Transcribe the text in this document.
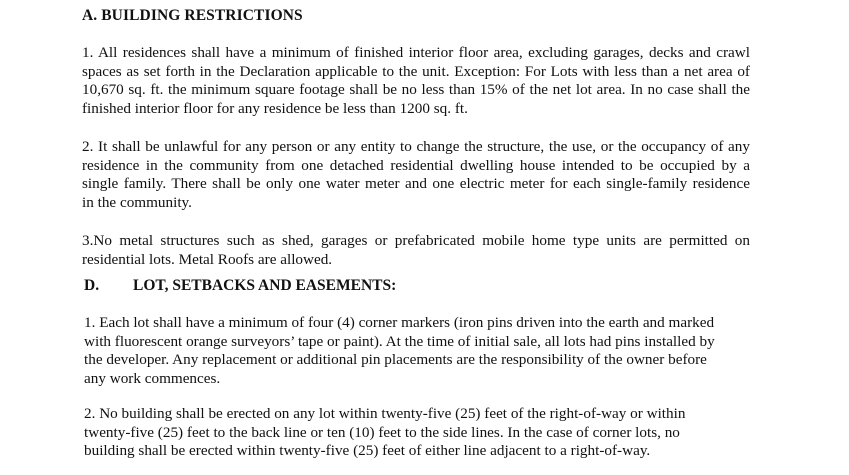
A. BUILDING RESTRICTIONS
1. All residences shall have a minimum of finished interior floor area, excluding garages, decks and crawl
spaces as set forth in the Declaration applicable to the unit. Exception: For Lots with less than a net area of
10,670 sq. ft. the minimum square footage shall be no less than 15% of the net lot area. In no case shall the
finished interior floor for any residence be less than 1200 sq. ft.
2. It shall be unlawful for any person or any entity to change the structure, the use, or the occupancy of any
residence in the community from one detached residential dwelling house intended to be occupied by a
single family. There shall be only one water meter and one electric meter for each single-family residence
in the community.
3.No metal structures such as shed, garages or prefabricated mobile home type units are permitted on
residential lots. Metal Roofs are allowed.
D. LOT, SETBACKS AND EASEMENTS:
1. Each lot shall have a minimum of four (4) corner markers (iron pins driven into the earth and marked
with fluorescent orange surveyors’ tape or paint). At the time of initial sale, all lots had pins installed by
the developer. Any replacement or additional pin placements are the responsibility of the owner before
any work commences.
2. No building shall be erected on any lot within twenty-five (25) feet of the right-of-way or within
twenty-five (25) feet to the back line or ten (10) feet to the side lines. In the case of corner lots, no
building shall be erected within twenty-five (25) feet of either line adjacent to a right-of-way.
